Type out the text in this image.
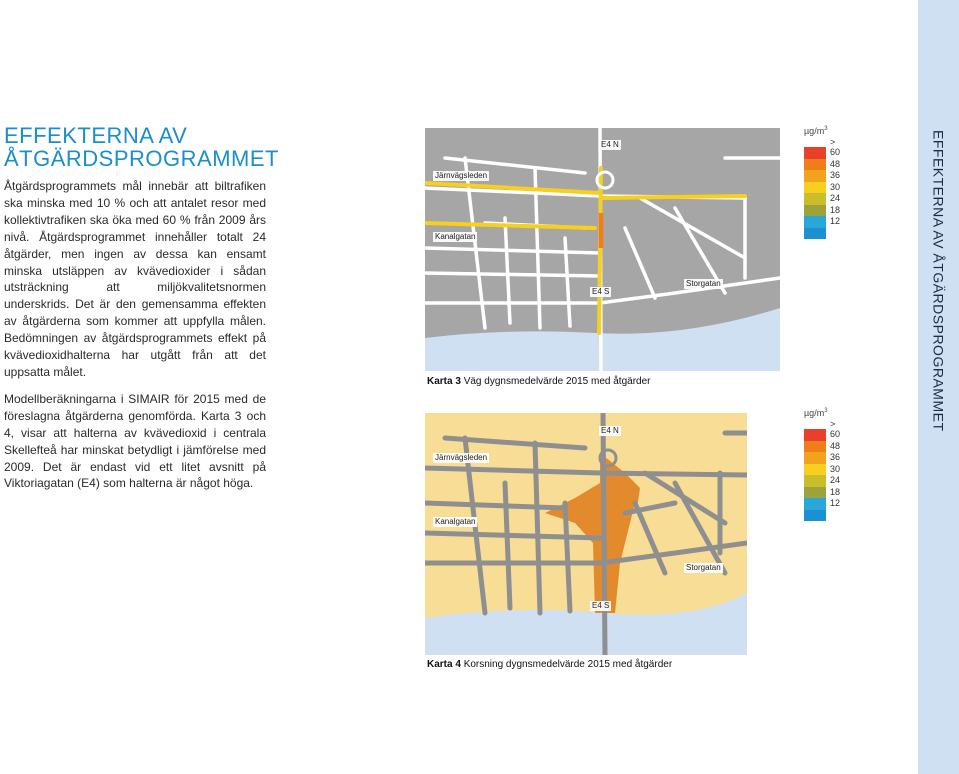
EFFEKTERNA AV ÅTGÄRDSPROGRAMMET
EFFEKTERNA AV ÅTGÄRDSPROGRAMMET

Åtgärdsprogrammets mål innebär att biltrafiken ska minska med 10 % och att antalet resor med kollektivtrafiken ska öka med 60 % från 2009 års nivå. Åtgärdsprogrammet innehåller totalt 24 åtgärder, men ingen av dessa kan ensamt minska utsläppen av kvävedioxider i sådan utsträckning att miljökvalitetsnormen underskrids. Det är den gemensamma effekten av åtgärderna som kommer att uppfylla målen. Bedömningen av åtgärdsprogrammets effekt på kvävedioxidhalterna har utgått från att det uppsatta målet.

Modellberäkningarna i SIMAIR för 2015 med de föreslagna åtgärderna genomförda. Karta 3 och 4, visar att halterna av kvävedioxid i centrala Skellefteå har minskat betydligt i jämförelse med 2009. Det är endast vid ett litet avsnitt på Viktoriagatan (E4) som halterna är något höga.

Järnvägsleden
Kanalgatan
E4 N
E4 S
Storgatan
Karta 3 Väg dygnsmedelvärde 2015 med åtgärder
Järnvägsleden
Kanalgatan
E4 N
E4 S
Storgatan
Karta 4 Korsning dygnsmedelvärde 2015 med åtgärder
$\mu g/m^3$
>
60
48
36
30
24
18
12
$\mu g/m^3$
>
60
48
36
30
24
18
12
